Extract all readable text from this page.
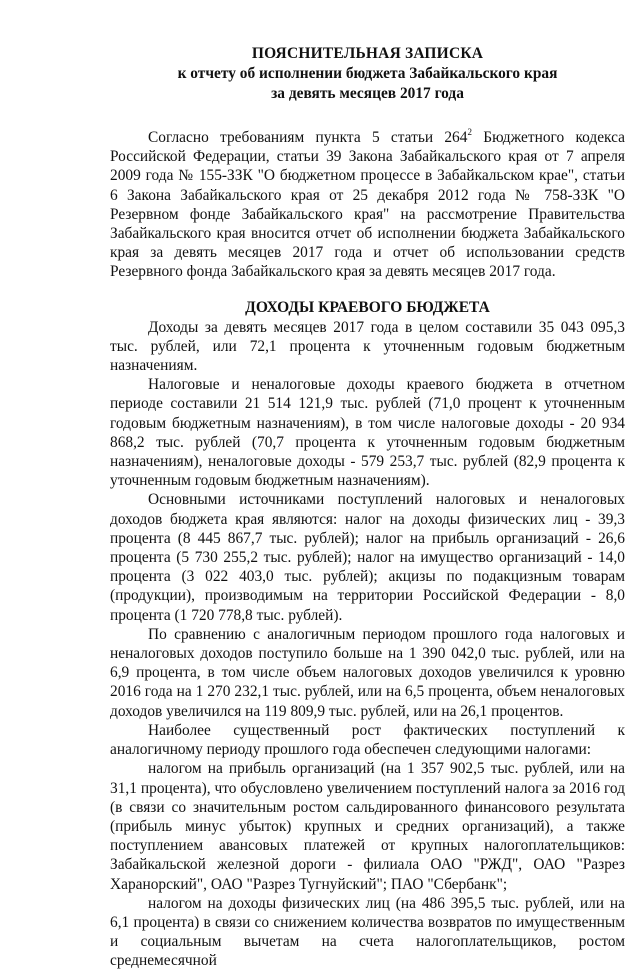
ПОЯСНИТЕЛЬНАЯ ЗАПИСКА
к отчету об исполнении бюджета Забайкальского края
за девять месяцев 2017 года

Согласно требованиям пункта 5 статьи $264^2$ Бюджетного кодекса Российской Федерации, статьи 39 Закона Забайкальского края от 7 апреля 2009 года № 155-ЗЗК "О бюджетном процессе в Забайкальском крае", статьи 6 Закона Забайкальского края от 25 декабря 2012 года № 758-ЗЗК "О Резервном фонде Забайкальского края" на рассмотрение Правительства Забайкальского края вносится отчет об исполнении бюджета Забайкальского края за девять месяцев 2017 года и отчет об использовании средств Резервного фонда Забайкальского края за девять месяцев 2017 года.

ДОХОДЫ КРАЕВОГО БЮДЖЕТА

Доходы за девять месяцев 2017 года в целом составили 35 043 095,3 тыс. рублей, или 72,1 процента к уточненным годовым бюджетным назначениям.

Налоговые и неналоговые доходы краевого бюджета в отчетном периоде составили 21 514 121,9 тыс. рублей (71,0 процент к уточненным годовым бюджетным назначениям), в том числе налоговые доходы - 20 934 868,2 тыс. рублей (70,7 процента к уточненным годовым бюджетным назначениям), неналоговые доходы - 579 253,7 тыс. рублей (82,9 процента к уточненным годовым бюджетным назначениям).

Основными источниками поступлений налоговых и неналоговых доходов бюджета края являются: налог на доходы физических лиц - 39,3 процента (8 445 867,7 тыс. рублей); налог на прибыль организаций - 26,6 процента (5 730 255,2 тыс. рублей); налог на имущество организаций - 14,0 процента (3 022 403,0 тыс. рублей); акцизы по подакцизным товарам (продукции), производимым на территории Российской Федерации - 8,0 процента (1 720 778,8 тыс. рублей).

По сравнению с аналогичным периодом прошлого года налоговых и неналоговых доходов поступило больше на 1 390 042,0 тыс. рублей, или на 6,9 процента, в том числе объем налоговых доходов увеличился к уровню 2016 года на 1 270 232,1 тыс. рублей, или на 6,5 процента, объем неналоговых доходов увеличился на 119 809,9 тыс. рублей, или на 26,1 процентов.

Наиболее существенный рост фактических поступлений к аналогичному периоду прошлого года обеспечен следующими налогами:

налогом на прибыль организаций (на 1 357 902,5 тыс. рублей, или на 31,1 процента), что обусловлено увеличением поступлений налога за 2016 год (в связи со значительным ростом сальдированного финансового результата (прибыль минус убыток) крупных и средних организаций), а также поступлением авансовых платежей от крупных налогоплательщиков: Забайкальской железной дороги - филиала ОАО "РЖД", ОАО "Разрез Харанорский", ОАО "Разрез Тугнуйский"; ПАО "Сбербанк";

налогом на доходы физических лиц (на 486 395,5 тыс. рублей, или на 6,1 процента) в связи со снижением количества возвратов по имущественным и социальным вычетам на счета налогоплательщиков, ростом среднемесячной
